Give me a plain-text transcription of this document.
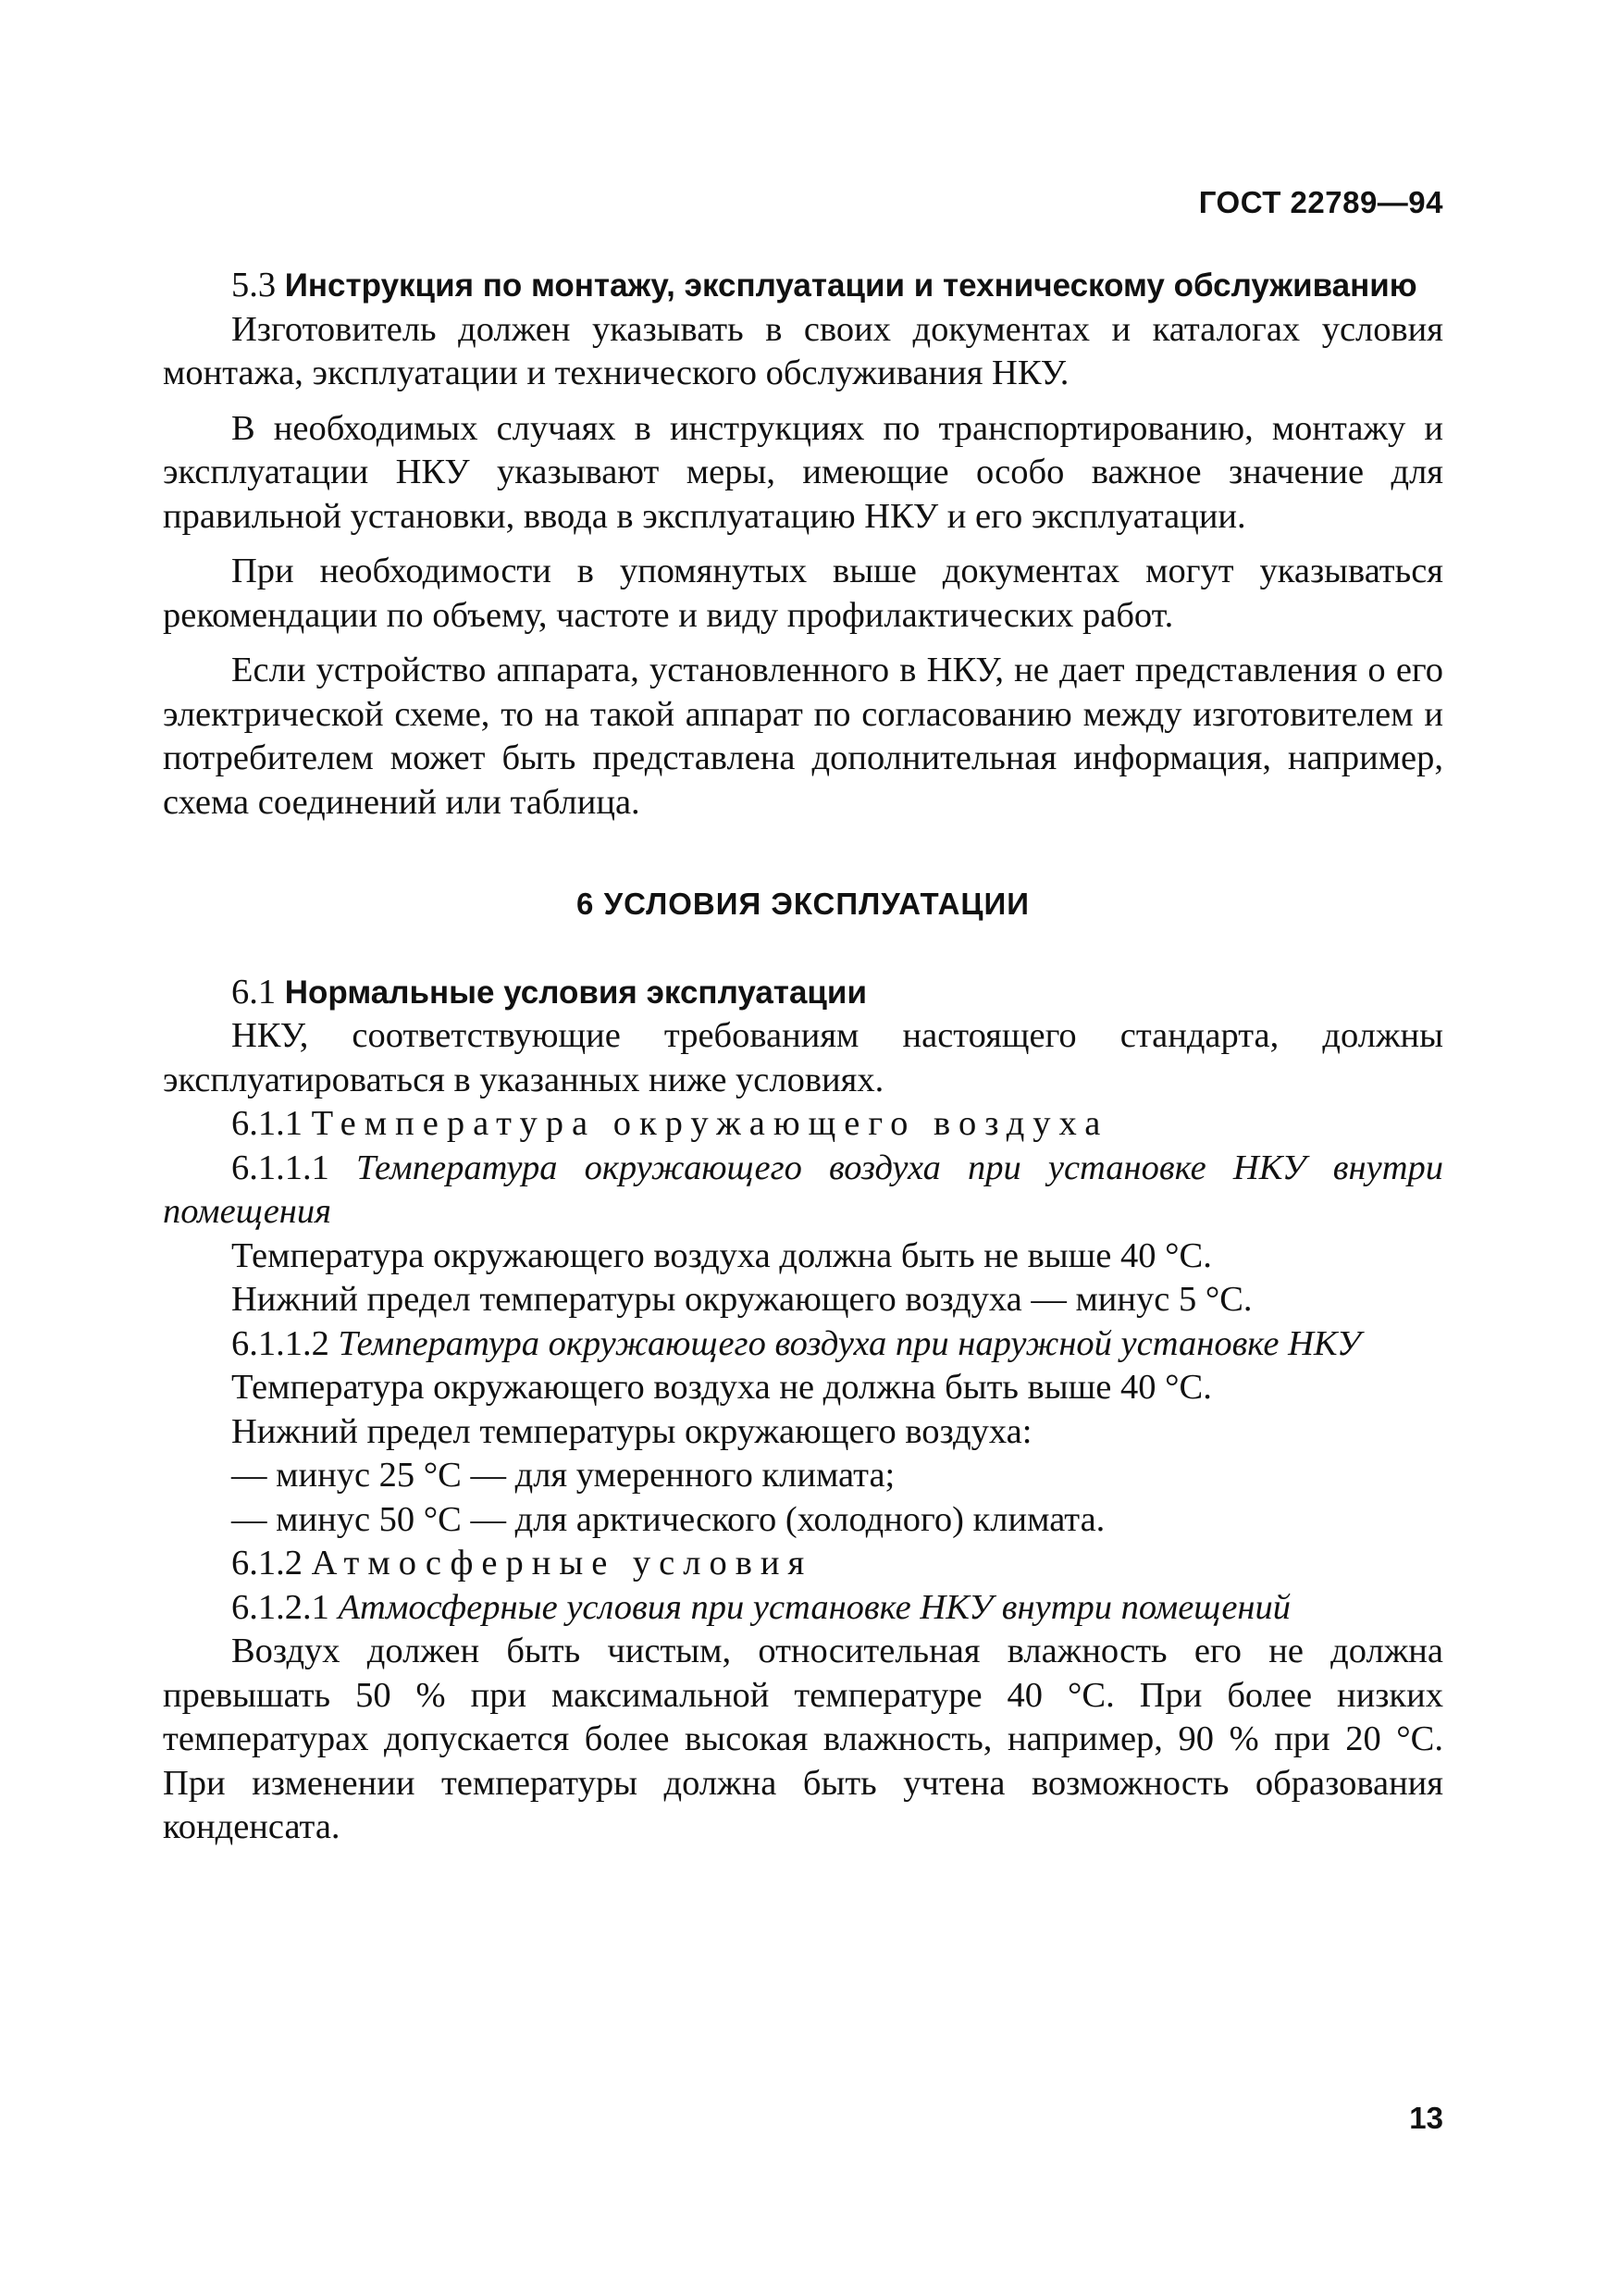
ГОСТ 22789—94

5.3 Инструкция по монтажу, эксплуатации и техническому обслуживанию

Изготовитель должен указывать в своих документах и каталогах условия монтажа, эксплуатации и технического обслуживания НКУ.

В необходимых случаях в инструкциях по транспортированию, монтажу и эксплуатации НКУ указывают меры, имеющие особо важное значение для правильной установки, ввода в эксплуатацию НКУ и его эксплуатации.

При необходимости в упомянутых выше документах могут указываться рекомендации по объему, частоте и виду профилактических работ.

Если устройство аппарата, установленного в НКУ, не дает представления о его электрической схеме, то на такой аппарат по согласованию между изготовителем и потребителем может быть представлена дополнительная информация, например, схема соединений или таблица.

6 УСЛОВИЯ ЭКСПЛУАТАЦИИ

6.1 Нормальные условия эксплуатации

НКУ, соответствующие требованиям настоящего стандарта, должны эксплуатироваться в указанных ниже условиях.

6.1.1 Температура окружающего воздуха

6.1.1.1 Температура окружающего воздуха при установке НКУ внутри помещения

Температура окружающего воздуха должна быть не выше 40 °С.

Нижний предел температуры окружающего воздуха — минус 5 °С.

6.1.1.2 Температура окружающего воздуха при наружной установке НКУ

Температура окружающего воздуха не должна быть выше 40 °С.

Нижний предел температуры окружающего воздуха:

— минус 25 °С — для умеренного климата;

— минус 50 °С — для арктического (холодного) климата.

6.1.2 Атмосферные условия

6.1.2.1 Атмосферные условия при установке НКУ внутри помещений

Воздух должен быть чистым, относительная влажность его не должна превышать 50 % при максимальной температуре 40 °С. При более низких температурах допускается более высокая влажность, например, 90 % при 20 °С. При изменении температуры должна быть учтена возможность образования конденсата.

13
